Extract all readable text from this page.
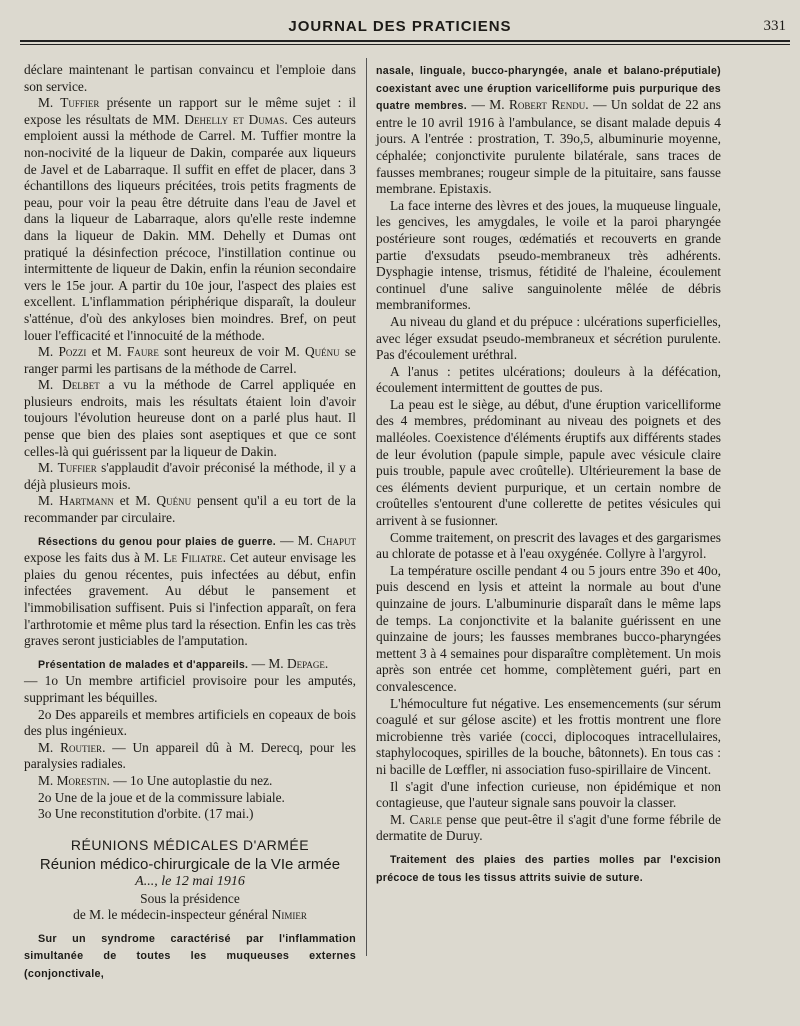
JOURNAL DES PRATICIENS	331

déclare maintenant le partisan convaincu et l'emploie dans son service.

M. Tuffier présente un rapport sur le même sujet : il expose les résultats de MM. Dehelly et Dumas. Ces auteurs emploient aussi la méthode de Carrel. M. Tuffier montre la non-nocivité de la liqueur de Dakin, comparée aux liqueurs de Javel et de Labarraque. Il suffit en effet de placer, dans 3 échantillons des liqueurs précitées, trois petits fragments de peau, pour voir la peau être détruite dans l'eau de Javel et dans la liqueur de Labarraque, alors qu'elle reste indemne dans la liqueur de Dakin. MM. Dehelly et Dumas ont pratiqué la désinfection précoce, l'instillation continue ou intermittente de liqueur de Dakin, enfin la réunion secondaire vers le 15e jour. A partir du 10e jour, l'aspect des plaies est excellent. L'inflammation périphérique disparaît, la douleur s'atténue, d'où des ankyloses bien moindres. Bref, on peut louer l'efficacité et l'innocuité de la méthode.

M. Pozzi et M. Faure sont heureux de voir M. Quénu se ranger parmi les partisans de la méthode de Carrel.

M. Delbet a vu la méthode de Carrel appliquée en plusieurs endroits, mais les résultats étaient loin d'avoir toujours l'évolution heureuse dont on a parlé plus haut. Il pense que bien des plaies sont aseptiques et que ce sont celles-là qui guérissent par la liqueur de Dakin.

M. Tuffier s'applaudit d'avoir préconisé la méthode, il y a déjà plusieurs mois.

M. Hartmann et M. Quénu pensent qu'il a eu tort de la recommander par circulaire.

Résections du genou pour plaies de guerre. — M. Chaput expose les faits dus à M. Le Filiatre. Cet auteur envisage les plaies du genou récentes, puis infectées au début, enfin infectées gravement. Au début le pansement et l'immobilisation suffisent. Puis si l'infection apparaît, on fera l'arthrotomie et même plus tard la résection. Enfin les cas très graves seront justiciables de l'amputation.

Présentation de malades et d'appareils. — M. Depage.

— 1o Un membre artificiel provisoire pour les amputés, supprimant les béquilles.

2o Des appareils et membres artificiels en copeaux de bois des plus ingénieux.

M. Routier. — Un appareil dû à M. Derecq, pour les paralysies radiales.

M. Morestin. — 1o Une autoplastie du nez.

2o Une de la joue et de la commissure labiale.

3o Une reconstitution d'orbite. (17 mai.)

RÉUNIONS MÉDICALES D'ARMÉE

Réunion médico-chirurgicale de la VIe armée

A..., le 12 mai 1916

Sous la présidence

de M. le médecin-inspecteur général Nimier

Sur un syndrome caractérisé par l'inflammation simultanée de toutes les muqueuses externes (conjonctivale,

nasale, linguale, bucco-pharyngée, anale et balano-préputiale) coexistant avec une éruption varicelliforme puis purpurique des quatre membres. — M. Robert Rendu. — Un soldat de 22 ans entre le 10 avril 1916 à l'ambulance, se disant malade depuis 4 jours. A l'entrée : prostration, T. 39o,5, albuminurie moyenne, céphalée; conjonctivite purulente bilatérale, sans traces de fausses membranes; rougeur simple de la pituitaire, sans fausse membrane. Epistaxis.

La face interne des lèvres et des joues, la muqueuse linguale, les gencives, les amygdales, le voile et la paroi pharyngée postérieure sont rouges, œdématiés et recouverts en grande partie d'exsudats pseudo-membraneux très adhérents. Dysphagie intense, trismus, fétidité de l'haleine, écoulement continuel d'une salive sanguinolente mêlée de débris membraniformes.

Au niveau du gland et du prépuce : ulcérations superficielles, avec léger exsudat pseudo-membraneux et sécrétion purulente. Pas d'écoulement uréthral.

A l'anus : petites ulcérations; douleurs à la défécation, écoulement intermittent de gouttes de pus.

La peau est le siège, au début, d'une éruption varicelliforme des 4 membres, prédominant au niveau des poignets et des malléoles. Coexistence d'éléments éruptifs aux différents stades de leur évolution (papule simple, papule avec vésicule claire puis trouble, papule avec croûtelle). Ultérieurement la base de ces éléments devient purpurique, et un certain nombre de croûtelles s'entourent d'une collerette de petites vésicules qui arrivent à se fusionner.

Comme traitement, on prescrit des lavages et des gargarismes au chlorate de potasse et à l'eau oxygénée. Collyre à l'argyrol.

La température oscille pendant 4 ou 5 jours entre 39o et 40o, puis descend en lysis et atteint la normale au bout d'une quinzaine de jours. L'albuminurie disparaît dans le même laps de temps. La conjonctivite et la balanite guérissent en une quinzaine de jours; les fausses membranes bucco-pharyngées mettent 3 à 4 semaines pour disparaître complètement. Un mois après son entrée cet homme, complètement guéri, part en convalescence.

L'hémoculture fut négative. Les ensemencements (sur sérum coagulé et sur gélose ascite) et les frottis montrent une flore microbienne très variée (cocci, diplocoques intracellulaires, staphylocoques, spirilles de la bouche, bâtonnets). En tous cas : ni bacille de Lœffler, ni association fuso-spirillaire de Vincent.

Il s'agit d'une infection curieuse, non épidémique et non contagieuse, que l'auteur signale sans pouvoir la classer.

M. Carle pense que peut-être il s'agit d'une forme fébrile de dermatite de Duruy.

Traitement des plaies des parties molles par l'excision précoce de tous les tissus attrits suivie de suture.
